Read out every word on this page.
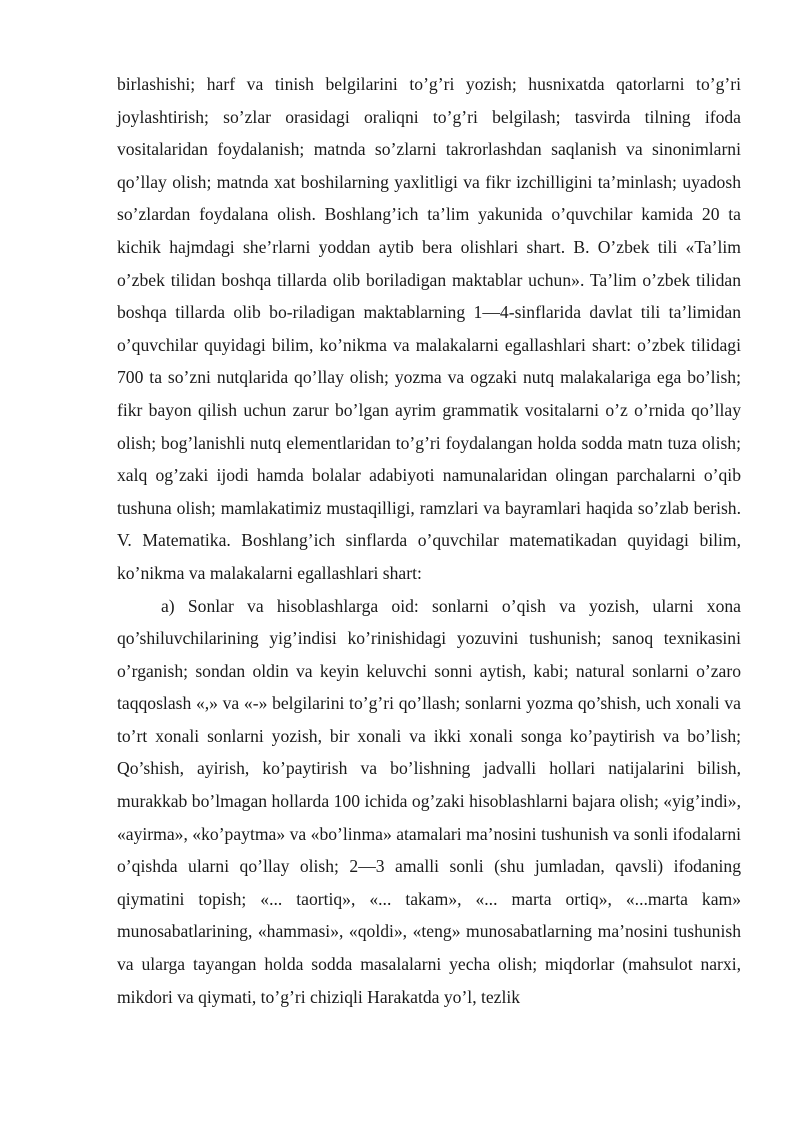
birlashishi; harf va tinish belgilarini to’g’ri yozish; husnixatda qatorlarni to’g’ri joylashtirish; so’zlar orasidagi oraliqni to’g’ri belgilash; tasvirda tilning ifoda vositalaridan foydalanish; matnda so’zlarni takrorlashdan saqlanish va sinonimlarni qo’llay olish; matnda xat boshilarning yaxlitligi va fikr izchilligini ta’minlash; uyadosh so’zlardan foydalana olish. Boshlang’ich ta’lim yakunida o’quvchilar kamida 20 ta kichik hajmdagi she’rlarni yoddan aytib bera olishlari shart. B. O’zbek tili «Ta’lim o’zbek tilidan boshqa tillarda olib boriladigan maktablar uchun». Ta’lim o’zbek tilidan boshqa tillarda olib bo-riladigan maktablarning 1—4-sinflarida davlat tili ta’limidan o’quvchilar quyidagi bilim, ko’nikma va malakalarni egallashlari shart: o’zbek tilidagi 700 ta so’zni nutqlarida qo’llay olish; yozma va ogzaki nutq malakalariga ega bo’lish; fikr bayon qilish uchun zarur bo’lgan ayrim grammatik vositalarni o’z o’rnida qo’llay olish; bog’lanishli nutq elementlaridan to’g’ri foydalangan holda sodda matn tuza olish; xalq og’zaki ijodi hamda bolalar adabiyoti namunalaridan olingan parchalarni o’qib tushuna olish; mamlakatimiz mustaqilligi, ramzlari va bayramlari haqida so’zlab berish. V. Matematika. Boshlang’ich sinflarda o’quvchilar matematikadan quyidagi bilim, ko’nikma va malakalarni egallashlari shart:

a) Sonlar va hisoblashlarga oid: sonlarni o’qish va yozish, ularni xona qo’shiluvchilarining yig’indisi ko’rinishidagi yozuvini tushunish; sanoq texnikasini o’rganish; sondan oldin va keyin keluvchi sonni aytish, kabi; natural sonlarni o’zaro taqqoslash «,» va «-» belgilarini to’g’ri qo’llash; sonlarni yozma qo’shish, uch xonali va to’rt xonali sonlarni yozish, bir xonali va ikki xonali songa ko’paytirish va bo’lish; Qo’shish, ayirish, ko’paytirish va bo’lishning jadvalli hollari natijalarini bilish, murakkab bo’lmagan hollarda 100 ichida og’zaki hisoblashlarni bajara olish; «yig’indi», «ayirma», «ko’paytma» va «bo’linma» atamalari ma’nosini tushunish va sonli ifodalarni o’qishda ularni qo’llay olish; 2—3 amalli sonli (shu jumladan, qavsli) ifodaning qiymatini topish; «... taortiq», «... takam», «... marta ortiq», «...marta kam» munosabatlarining, «hammasi», «qoldi», «teng» munosabatlarning ma’nosini tushunish va ularga tayangan holda sodda masalalarni yecha olish; miqdorlar (mahsulot narxi, mikdori va qiymati, to’g’ri chiziqli Harakatda yo’l, tezlik
